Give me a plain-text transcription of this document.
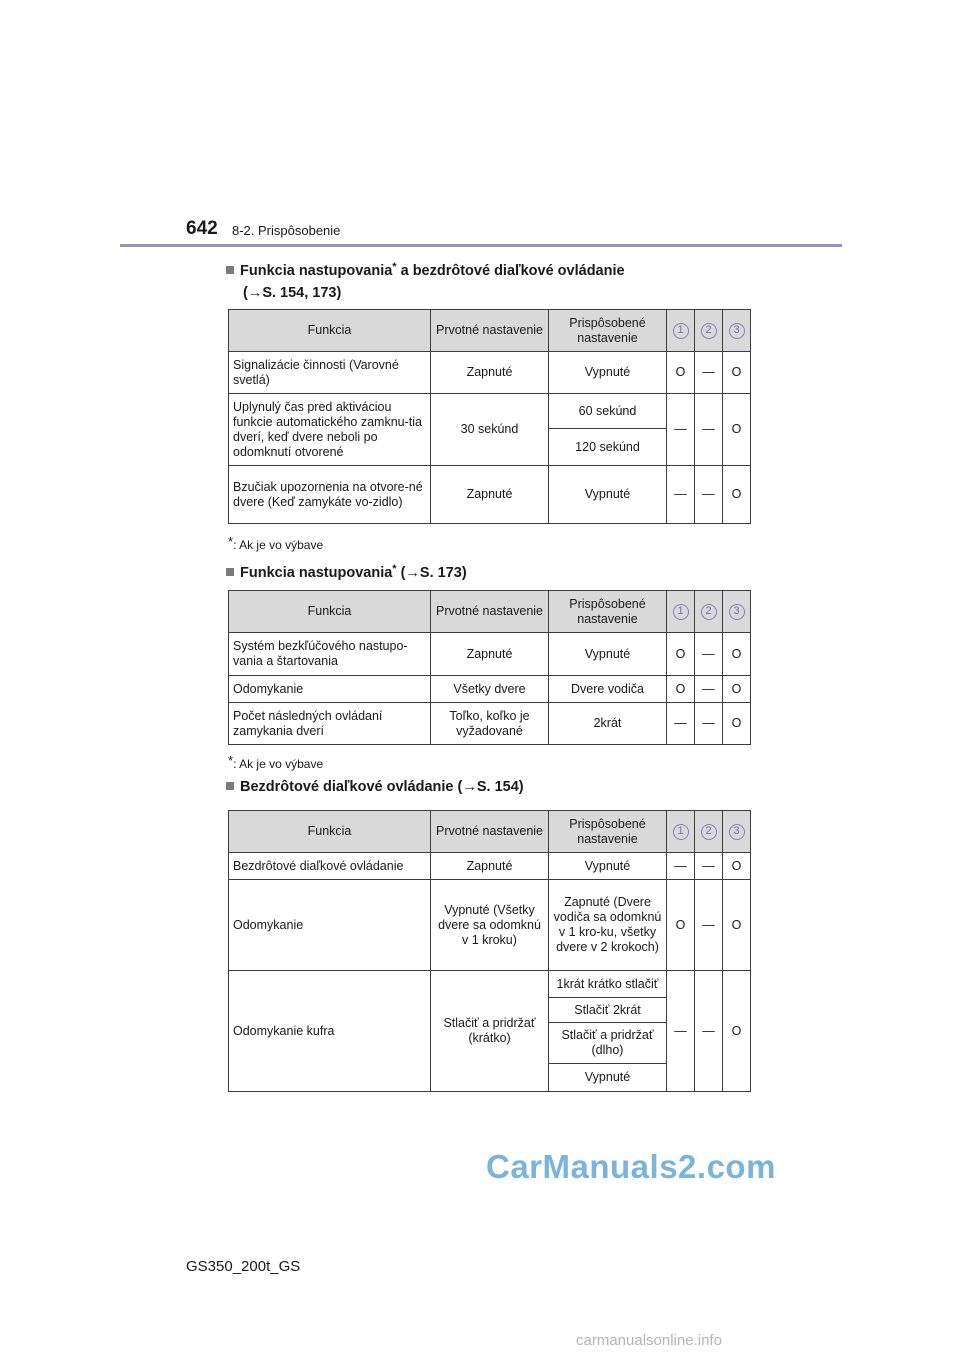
642 8-2. Prispôsobenie
Funkcia nastupovania* a bezdrôtové diaľkové ovládanie
(→S. 154, 173)
Funkcia	Prvotné nastavenie	Prispôsobené nastavenie	1	2	3
Signalizácie činnosti (Varovné svetlá)	Zapnuté	Vypnuté	O	—	O
Uplynulý čas pred aktiváciou funkcie automatického zamknu-tia dverí, keď dvere neboli po odomknutí otvorené	30 sekúnd	60 sekúnd	—	—	O
		120 sekúnd			
Bzučiak upozornenia na otvore-né dvere (Keď zamykáte vo-zidlo)	Zapnuté	Vypnuté	—	—	O
*: Ak je vo výbave
Funkcia nastupovania* (→S. 173)
Funkcia	Prvotné nastavenie	Prispôsobené nastavenie	1	2	3
Systém bezkľúčového nastupo-vania a štartovania	Zapnuté	Vypnuté	O	—	O
Odomykanie	Všetky dvere	Dvere vodiča	O	—	O
Počet následných ovládaní zamykania dverí	Toľko, koľko je vyžadované	2krát	—	—	O
*: Ak je vo výbave
Bezdrôtové diaľkové ovládanie (→S. 154)
Funkcia	Prvotné nastavenie	Prispôsobené nastavenie	1	2	3
Bezdrôtové diaľkové ovládanie	Zapnuté	Vypnuté	—	—	O
Odomykanie	Vypnuté (Všetky dvere sa odomknú v 1 kroku)	Zapnuté (Dvere vodiča sa odomknú v 1 kro-ku, všetky dvere v 2 krokoch)	O	—	O
Odomykanie kufra	Stlačiť a pridržať (krátko)	1krát krátko stlačiť	—	—	O
		Stlačiť 2krát			
		Stlačiť a pridržať (dlho)			
		Vypnuté			
CarManuals2.com
GS350_200t_GS
carmanualsonline.info
